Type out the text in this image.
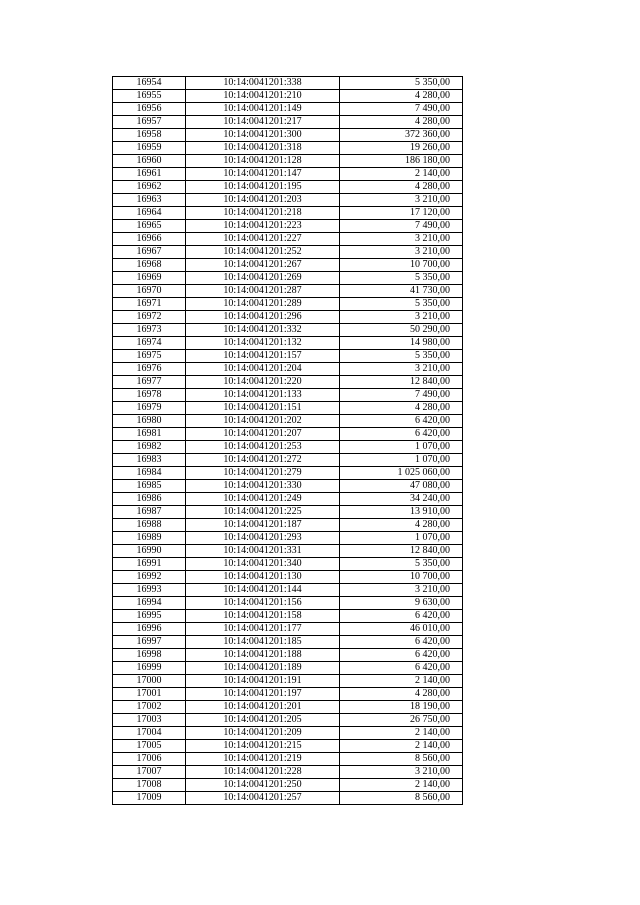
16954	10:14:0041201:338	5 350,00
16955	10:14:0041201:210	4 280,00
16956	10:14:0041201:149	7 490,00
16957	10:14:0041201:217	4 280,00
16958	10:14:0041201:300	372 360,00
16959	10:14:0041201:318	19 260,00
16960	10:14:0041201:128	186 180,00
16961	10:14:0041201:147	2 140,00
16962	10:14:0041201:195	4 280,00
16963	10:14:0041201:203	3 210,00
16964	10:14:0041201:218	17 120,00
16965	10:14:0041201:223	7 490,00
16966	10:14:0041201:227	3 210,00
16967	10:14:0041201:252	3 210,00
16968	10:14:0041201:267	10 700,00
16969	10:14:0041201:269	5 350,00
16970	10:14:0041201:287	41 730,00
16971	10:14:0041201:289	5 350,00
16972	10:14:0041201:296	3 210,00
16973	10:14:0041201:332	50 290,00
16974	10:14:0041201:132	14 980,00
16975	10:14:0041201:157	5 350,00
16976	10:14:0041201:204	3 210,00
16977	10:14:0041201:220	12 840,00
16978	10:14:0041201:133	7 490,00
16979	10:14:0041201:151	4 280,00
16980	10:14:0041201:202	6 420,00
16981	10:14:0041201:207	6 420,00
16982	10:14:0041201:253	1 070,00
16983	10:14:0041201:272	1 070,00
16984	10:14:0041201:279	1 025 060,00
16985	10:14:0041201:330	47 080,00
16986	10:14:0041201:249	34 240,00
16987	10:14:0041201:225	13 910,00
16988	10:14:0041201:187	4 280,00
16989	10:14:0041201:293	1 070,00
16990	10:14:0041201:331	12 840,00
16991	10:14:0041201:340	5 350,00
16992	10:14:0041201:130	10 700,00
16993	10:14:0041201:144	3 210,00
16994	10:14:0041201:156	9 630,00
16995	10:14:0041201:158	6 420,00
16996	10:14:0041201:177	46 010,00
16997	10:14:0041201:185	6 420,00
16998	10:14:0041201:188	6 420,00
16999	10:14:0041201:189	6 420,00
17000	10:14:0041201:191	2 140,00
17001	10:14:0041201:197	4 280,00
17002	10:14:0041201:201	18 190,00
17003	10:14:0041201:205	26 750,00
17004	10:14:0041201:209	2 140,00
17005	10:14:0041201:215	2 140,00
17006	10:14:0041201:219	8 560,00
17007	10:14:0041201:228	3 210,00
17008	10:14:0041201:250	2 140,00
17009	10:14:0041201:257	8 560,00
